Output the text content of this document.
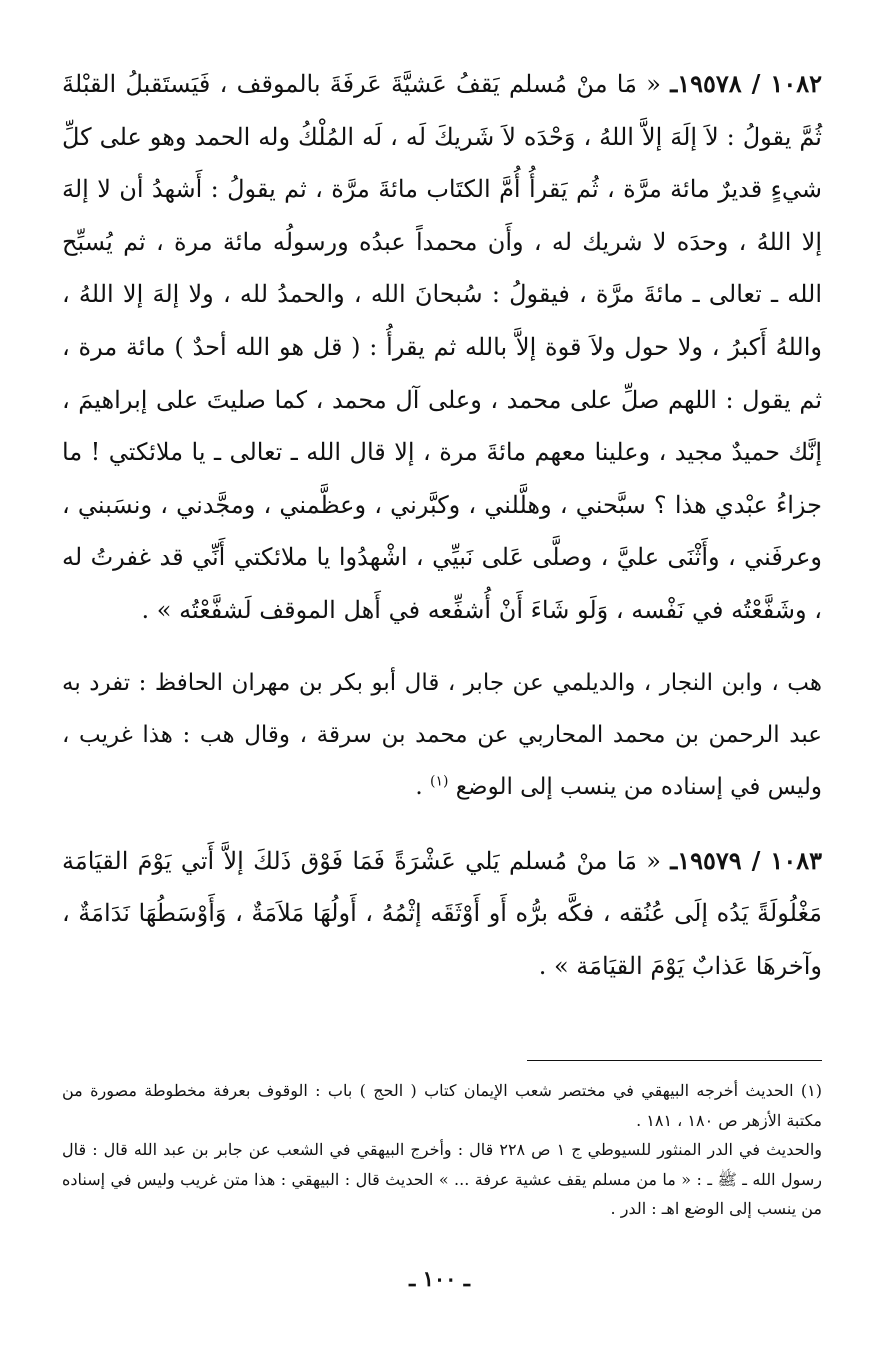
١٠٨٢ / ١٩٥٧٨ـ « مَا منْ مُسلم يَقفُ عَشيَّةَ عَرفَةَ بالموقف ، فَيَستَقبلُ القبْلةَ ثُمَّ يقولُ : لاَ إلَهَ إلاَّ اللهُ ، وَحْدَه لاَ شَريكَ لَه ، لَه المُلْكُ وله الحمد وهو على كلِّ شيءٍ قديرٌ مائة مرَّة ، ثُم يَقرأُ أُمَّ الكتَاب مائةَ مرَّة ، ثم يقولُ : أَشهدُ أن لا إلهَ إلا اللهُ ، وحدَه لا شريك له ، وأَن محمداً عبدُه ورسولُه مائة مرة ، ثم يُسبِّح الله ـ تعالى ـ مائةَ مرَّة ، فيقولُ : سُبحانَ الله ، والحمدُ لله ، ولا إلهَ إلا اللهُ ، واللهُ أَكبرُ ، ولا حول ولاَ قوة إلاَّ بالله ثم يقرأُ : ( قل هو الله أحدٌ ) مائة مرة ، ثم يقول : اللهم صلِّ على محمد ، وعلى آل محمد ، كما صليتَ على إبراهيمَ ، إنَّك حميدٌ مجيد ، وعلينا معهم مائةَ مرة ، إلا قال الله ـ تعالى ـ يا ملائكتي ! ما جزاءُ عبْدي هذا ؟ سبَّحني ، وهلَّلني ، وكبَّرني ، وعظَّمني ، ومجَّدني ، ونسَبني ، وعرفَني ، وأَثْنَى عليَّ ، وصلَّى عَلى نَبيِّي ، اشْهدُوا يا ملائكتي أَنِّي قد غفرتُ له ، وشَفَّعْتُه في نَفْسه ، وَلَو شَاءَ أَنْ أُشفِّعه في أَهل الموقف لَشفَّعْتُه » .

هب ، وابن النجار ، والديلمي عن جابر ، قال أبو بكر بن مهران الحافظ : تفرد به عبد الرحمن بن محمد المحاربي عن محمد بن سرقة ، وقال هب : هذا غريب ، وليس في إسناده من ينسب إلى الوضع $^{(١)}$ .

١٠٨٣ / ١٩٥٧٩ـ « مَا منْ مُسلم يَلي عَشْرَةً فَمَا فَوْق ذَلكَ إلاَّ أَتي يَوْمَ القيَامَة مَغْلُولَةً يَدُه إلَى عُنُقه ، فكَّه برُّه أَو أَوْثَقَه إثْمُهُ ، أَولُهَا مَلاَمَةٌ ، وَأَوْسَطُهَا نَدَامَةٌ ، وآخرهَا عَذابٌ يَوْمَ القيَامَة » .

(١) الحديث أخرجه البيهقي في مختصر شعب الإيمان كتاب ( الحج ) باب : الوقوف بعرفة مخطوطة مصورة من مكتبة الأزهر ص ١٨٠ ، ١٨١ .

والحديث في الدر المنثور للسيوطي ج ١ ص ٢٢٨ قال : وأخرج البيهقي في الشعب عن جابر بن عبد الله قال : قال رسول الله ـ ﷺ ـ : « ما من مسلم يقف عشية عرفة ... » الحديث قال : البيهقي : هذا متن غريب وليس في إسناده من ينسب إلى الوضع اهـ : الدر .

ـ ١٠٠ ـ
